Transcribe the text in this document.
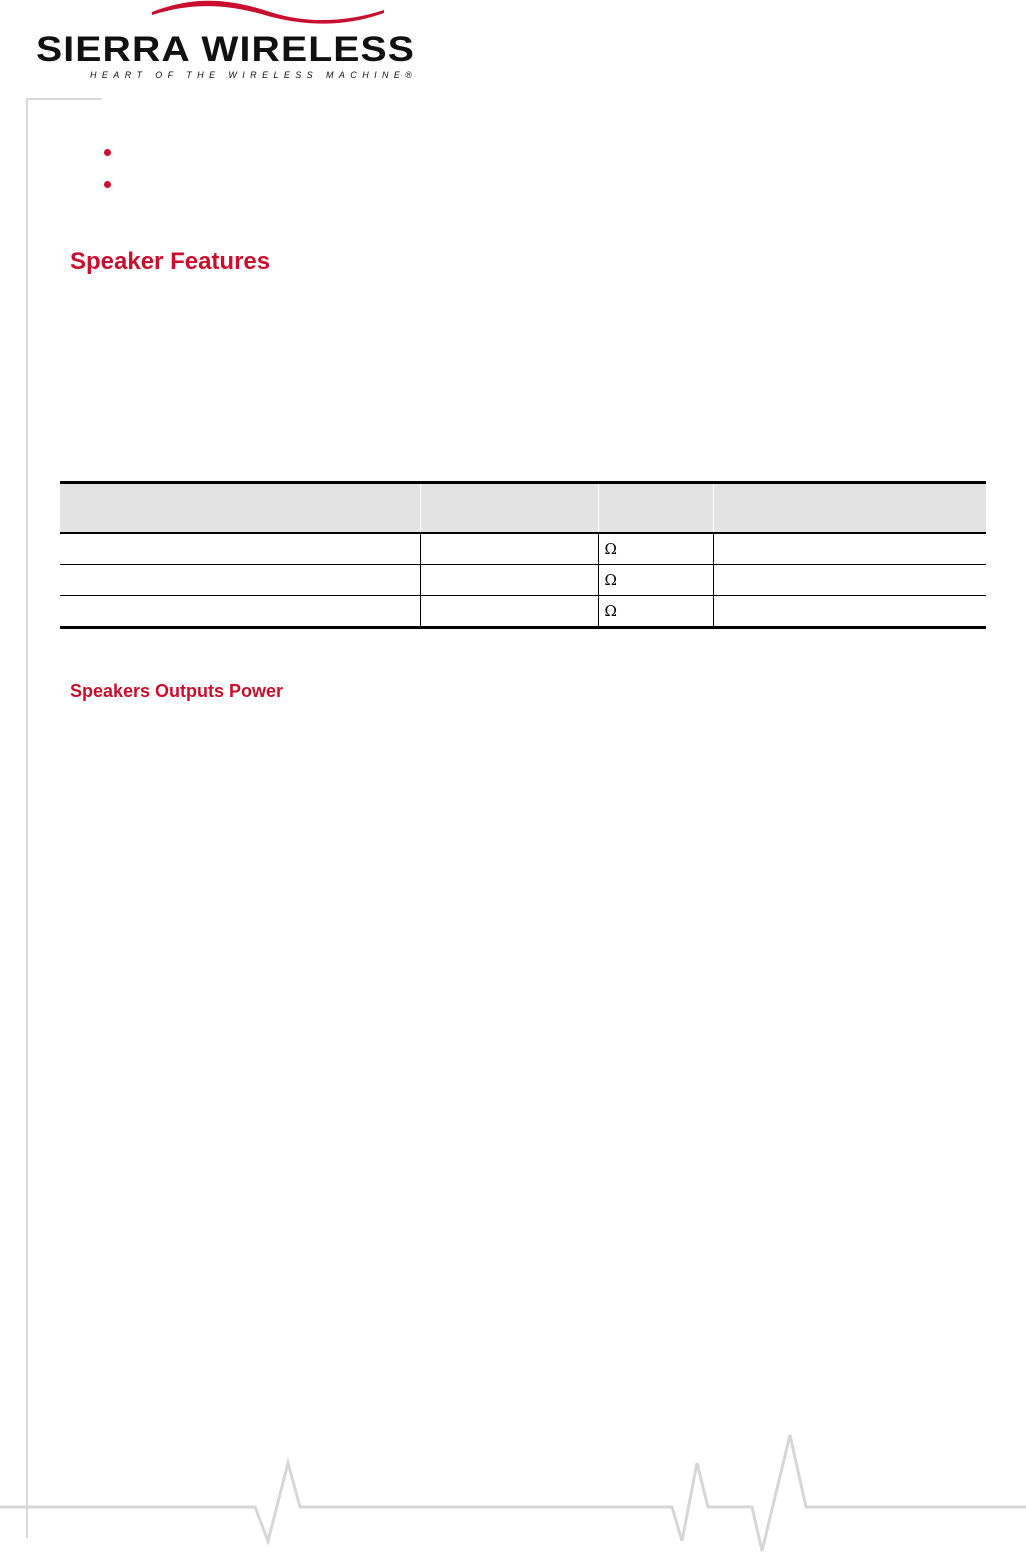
SIERRA WIRELESS
HEART OF THE WIRELESS MACHINE®
Speaker Features

		Ω	
		Ω	
		Ω	
Speakers Outputs Power
